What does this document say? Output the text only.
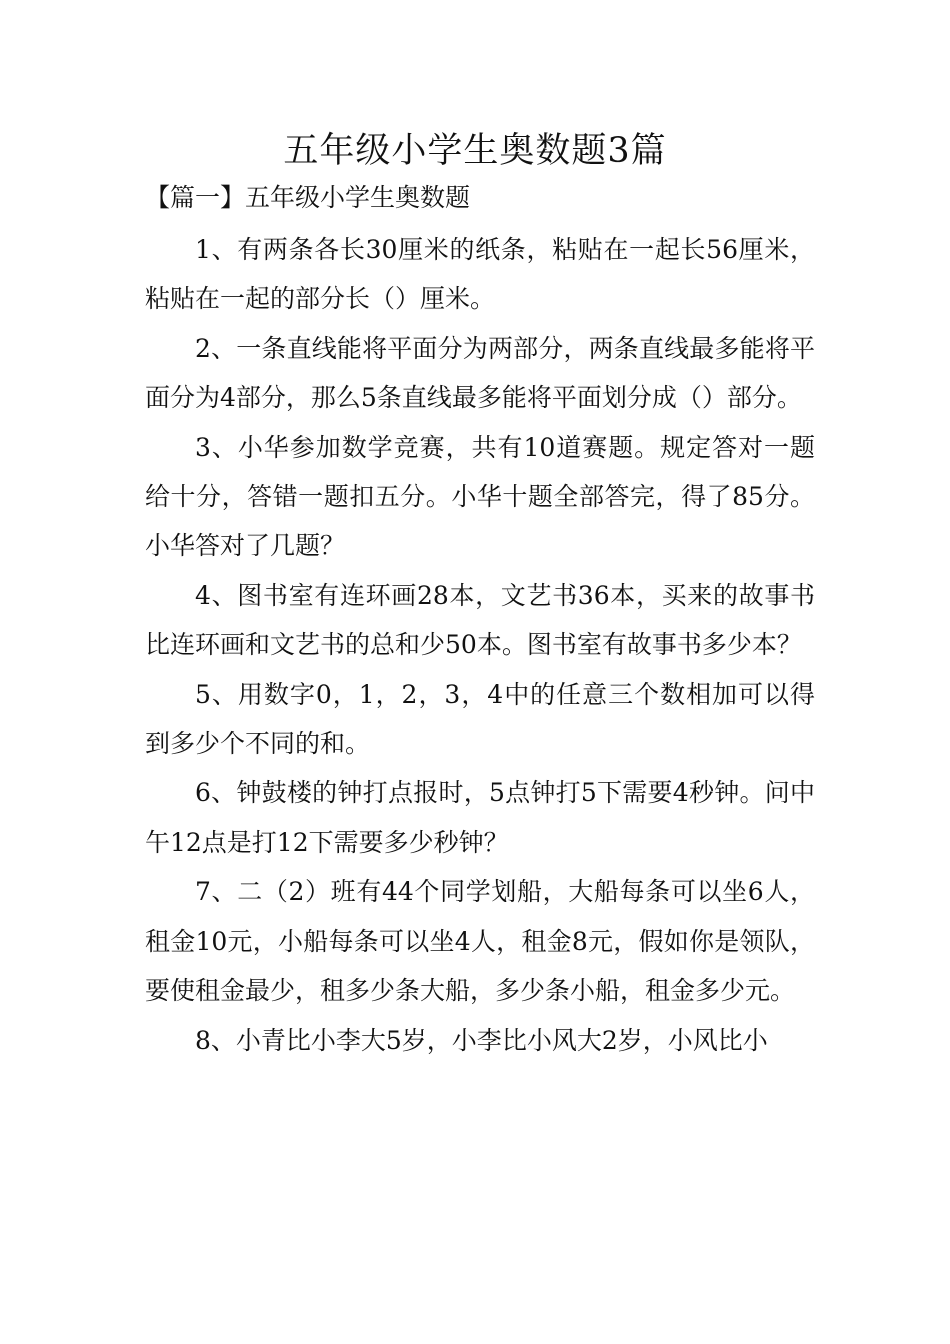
五年级小学生奥数题3篇
【篇一】五年级小学生奥数题

1、有两条各长30厘米的纸条，粘贴在一起长56厘米，粘贴在一起的部分长（）厘米。

2、一条直线能将平面分为两部分，两条直线最多能将平面分为4部分，那么5条直线最多能将平面划分成（）部分。

3、小华参加数学竞赛，共有10道赛题。规定答对一题给十分，答错一题扣五分。小华十题全部答完，得了85分。小华答对了几题？

4、图书室有连环画28本，文艺书36本，买来的故事书比连环画和文艺书的总和少50本。图书室有故事书多少本？

5、用数字0，1，2，3，4中的任意三个数相加可以得到多少个不同的和。

6、钟鼓楼的钟打点报时，5点钟打5下需要4秒钟。问中午12点是打12下需要多少秒钟？

7、二（2）班有44个同学划船，大船每条可以坐6人，租金10元，小船每条可以坐4人，租金8元，假如你是领队，要使租金最少，租多少条大船，多少条小船，租金多少元。

8、小青比小李大5岁，小李比小风大2岁，小风比小
